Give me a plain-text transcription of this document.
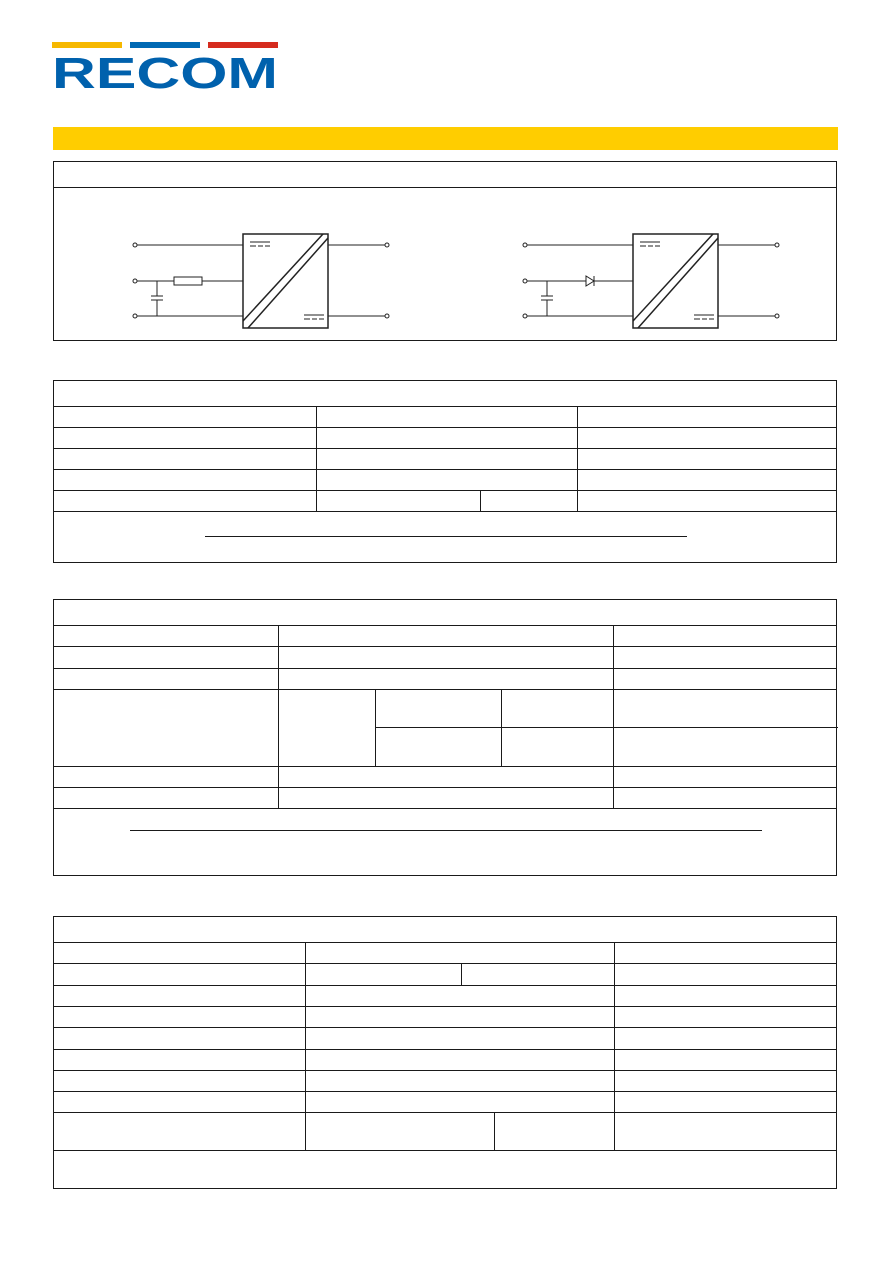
RECOM
